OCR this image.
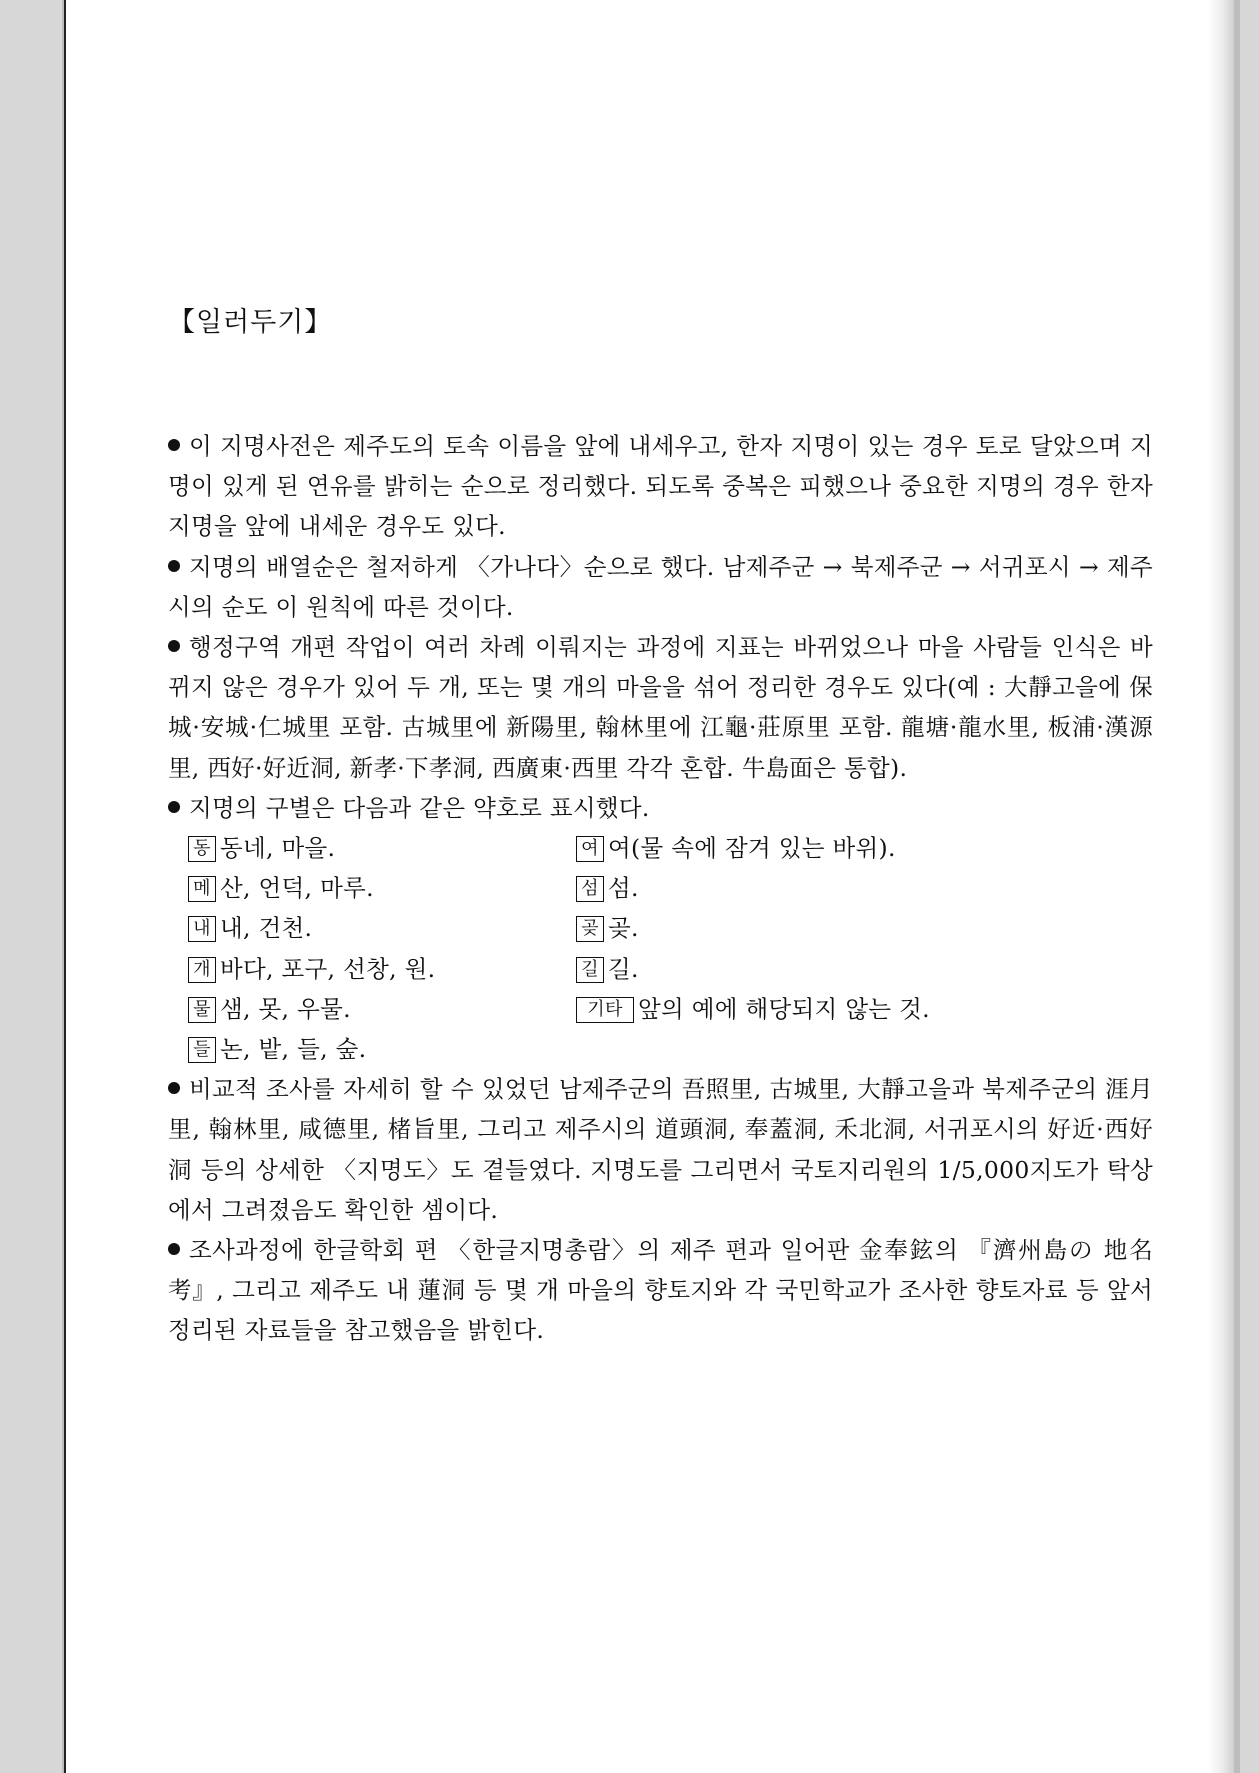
【일러두기】

이 지명사전은 제주도의 토속 이름을 앞에 내세우고, 한자 지명이 있는 경우 토로 달았으며 지명이 있게 된 연유를 밝히는 순으로 정리했다. 되도록 중복은 피했으나 중요한 지명의 경우 한자 지명을 앞에 내세운 경우도 있다.

지명의 배열순은 철저하게 〈가나다〉순으로 했다. 남제주군 → 북제주군 → 서귀포시 → 제주시의 순도 이 원칙에 따른 것이다.

행정구역 개편 작업이 여러 차례 이뤄지는 과정에 지표는 바뀌었으나 마을 사람들 인식은 바뀌지 않은 경우가 있어 두 개, 또는 몇 개의 마을을 섞어 정리한 경우도 있다(예 : 大靜고을에 保城·安城·仁城里 포함. 古城里에 新陽里, 翰林里에 江龜·莊原里 포함. 龍塘·龍水里, 板浦·漢源里, 西好·好近洞, 新孝·下孝洞, 西廣東·西里 각각 혼합. 牛島面은 통합).

지명의 구별은 다음과 같은 약호로 표시했다.

동 동네, 마을.	여 여(물 속에 잠겨 있는 바위).
메 산, 언덕, 마루.	섬 섬.
내 내, 건천.	곶 곶.
개 바다, 포구, 선창, 원.	길 길.
물 샘, 못, 우물.	기타 앞의 예에 해당되지 않는 것.
들 논, 밭, 들, 숲.

비교적 조사를 자세히 할 수 있었던 남제주군의 吾照里, 古城里, 大靜고을과 북제주군의 涯月里, 翰林里, 咸德里, 楮旨里, 그리고 제주시의 道頭洞, 奉蓋洞, 禾北洞, 서귀포시의 好近·西好洞 등의 상세한 〈지명도〉도 곁들였다. 지명도를 그리면서 국토지리원의 1/5,000지도가 탁상에서 그려졌음도 확인한 셈이다.

조사과정에 한글학회 편 〈한글지명총람〉의 제주 편과 일어판 金奉鉉의 『濟州島の 地名考』, 그리고 제주도 내 蓮洞 등 몇 개 마을의 향토지와 각 국민학교가 조사한 향토자료 등 앞서 정리된 자료들을 참고했음을 밝힌다.
